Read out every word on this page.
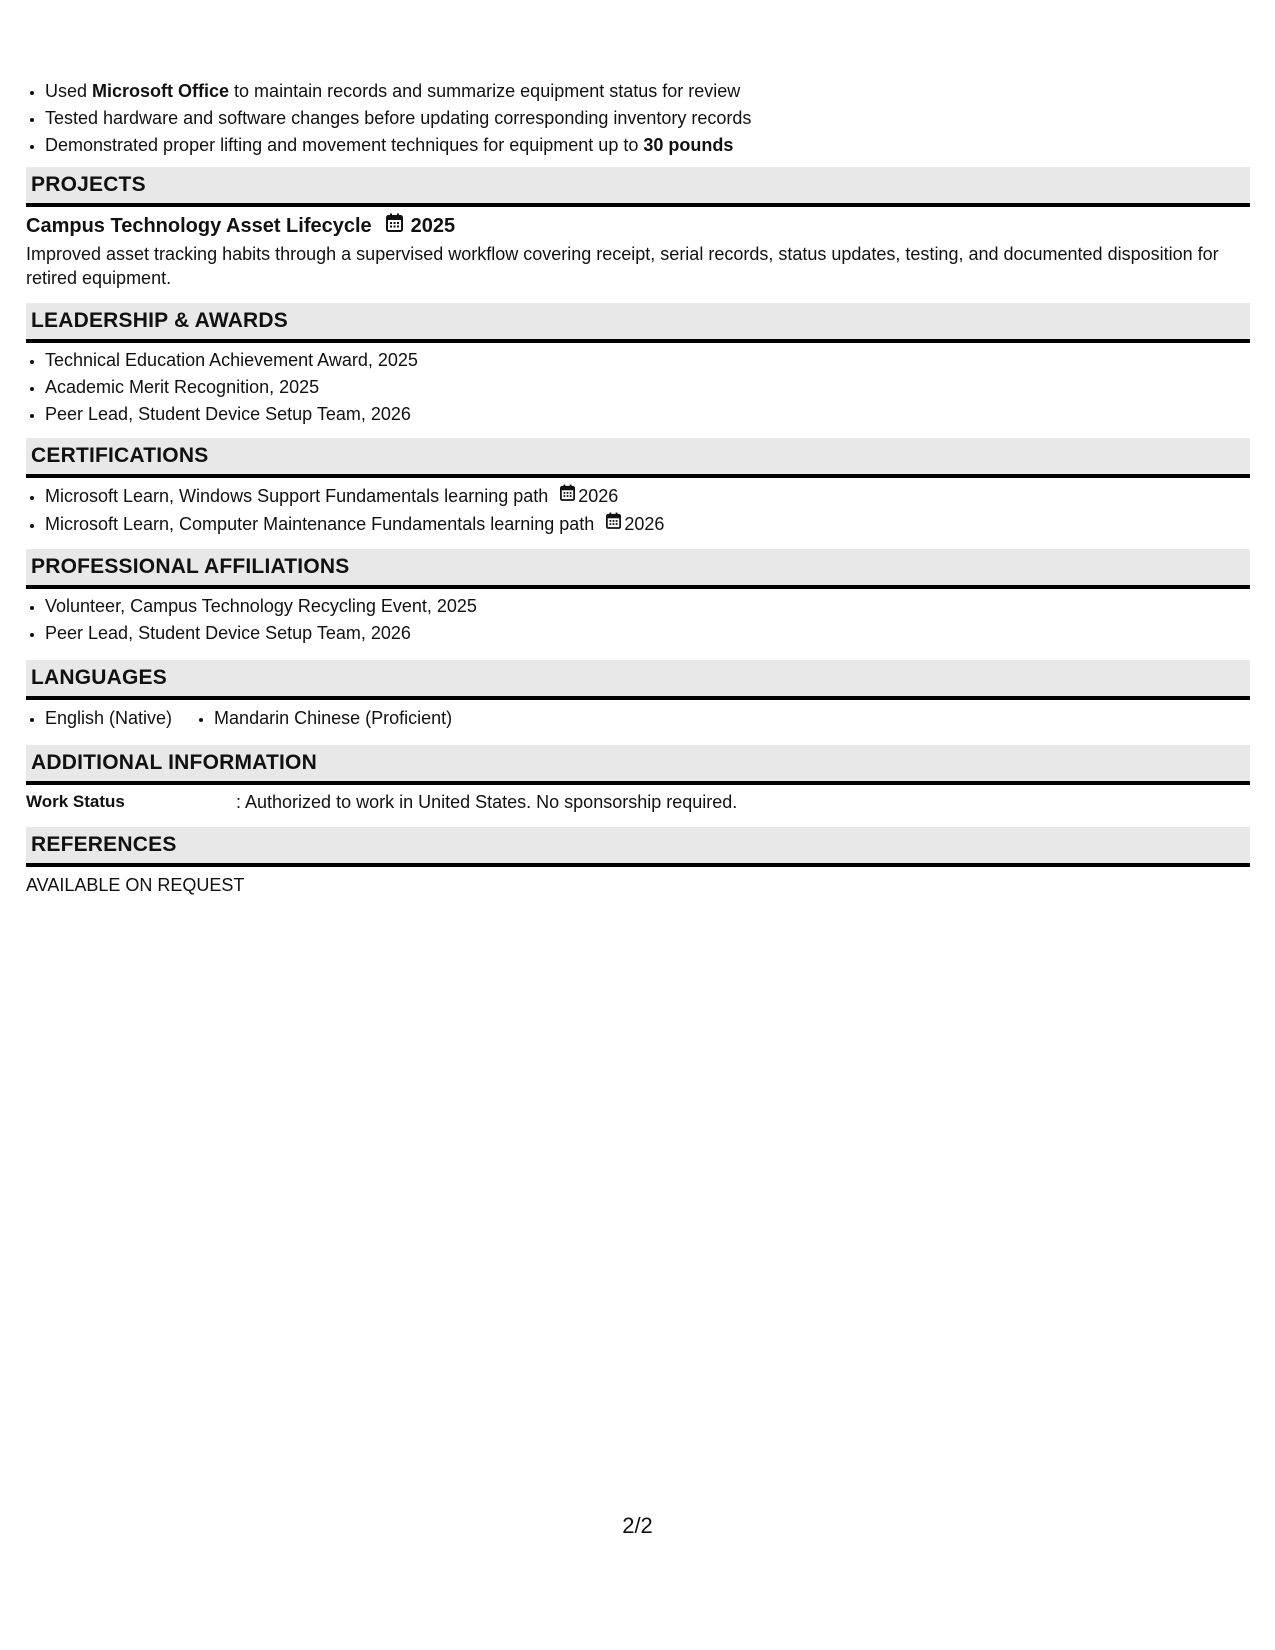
• Used Microsoft Office to maintain records and summarize equipment status for review
• Tested hardware and software changes before updating corresponding inventory records
• Demonstrated proper lifting and movement techniques for equipment up to 30 pounds
PROJECTS
Campus Technology Asset Lifecycle 2025
Improved asset tracking habits through a supervised workflow covering receipt, serial records, status updates, testing, and documented disposition for retired equipment.
LEADERSHIP & AWARDS
• Technical Education Achievement Award, 2025
• Academic Merit Recognition, 2025
• Peer Lead, Student Device Setup Team, 2026
CERTIFICATIONS
• Microsoft Learn, Windows Support Fundamentals learning path 2026
• Microsoft Learn, Computer Maintenance Fundamentals learning path 2026
PROFESSIONAL AFFILIATIONS
• Volunteer, Campus Technology Recycling Event, 2025
• Peer Lead, Student Device Setup Team, 2026
LANGUAGES
• English (Native)
• Mandarin Chinese (Proficient)
ADDITIONAL INFORMATION
Work Status	: Authorized to work in United States. No sponsorship required.
REFERENCES
AVAILABLE ON REQUEST
2/2
